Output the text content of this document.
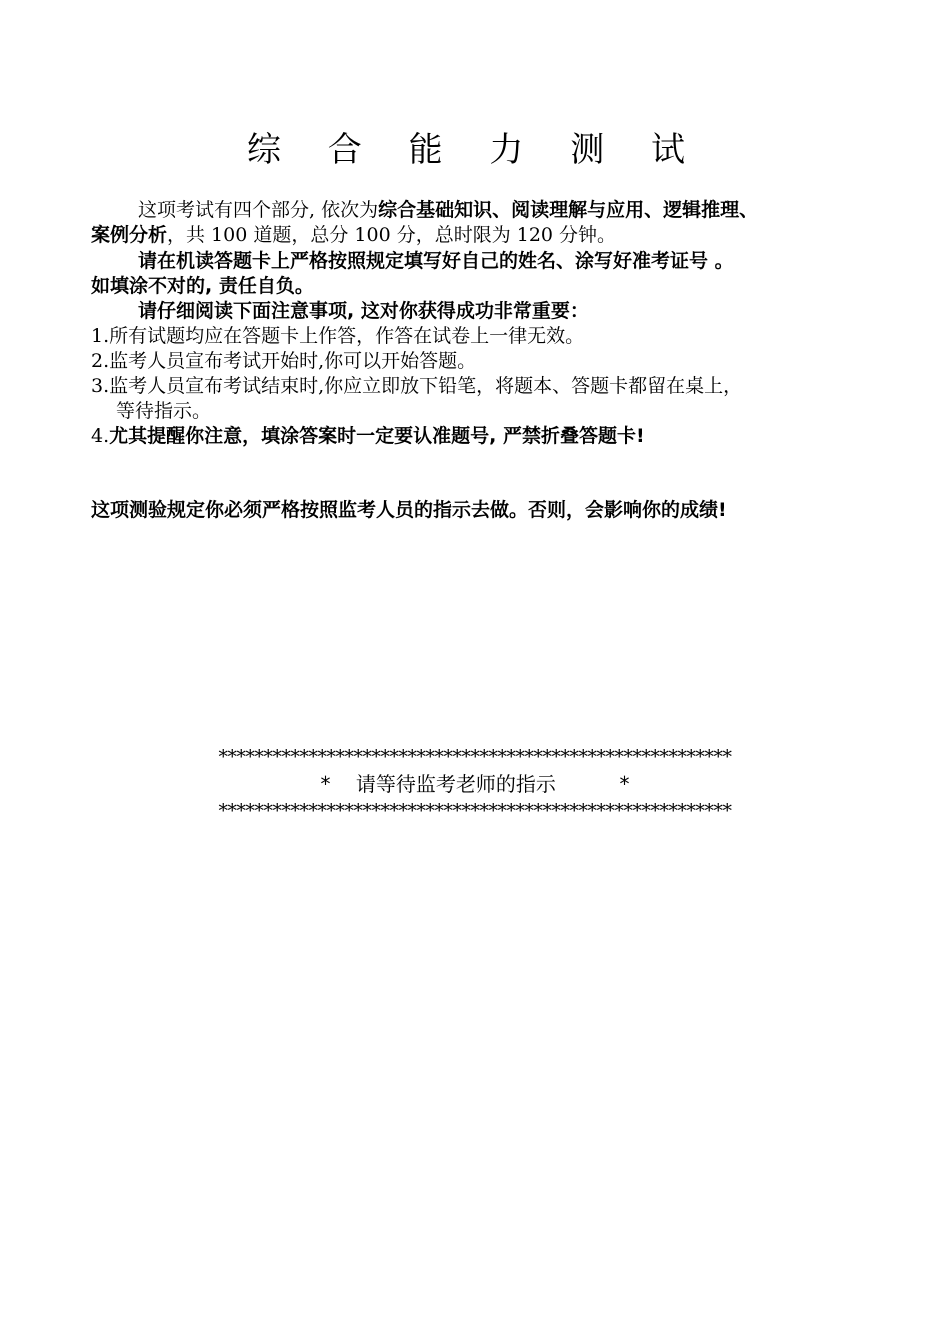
综 合 能 力 测 试
这项考试有四个部分, 依次为综合基础知识、阅读理解与应用、逻辑推理、
案例分析，共 100 道题，总分 100 分，总时限为 120 分钟。
请在机读答题卡上严格按照规定填写好自己的姓名、涂写好准考证号 。
如填涂不对的, 责任自负。
请仔细阅读下面注意事项, 这对你获得成功非常重要：
1.所有试题均应在答题卡上作答，作答在试卷上一律无效。
2.监考人员宣布考试开始时,你可以开始答题。
3.监考人员宣布考试结束时,你应立即放下铅笔，将题本、答题卡都留在桌上，
等待指示。
4.尤其提醒你注意，填涂答案时一定要认准题号, 严禁折叠答题卡!
这项测验规定你必须严格按照监考人员的指示去做。否则，会影响你的成绩!
*********************************************************
*    请等待监考老师的指示          *
*********************************************************
